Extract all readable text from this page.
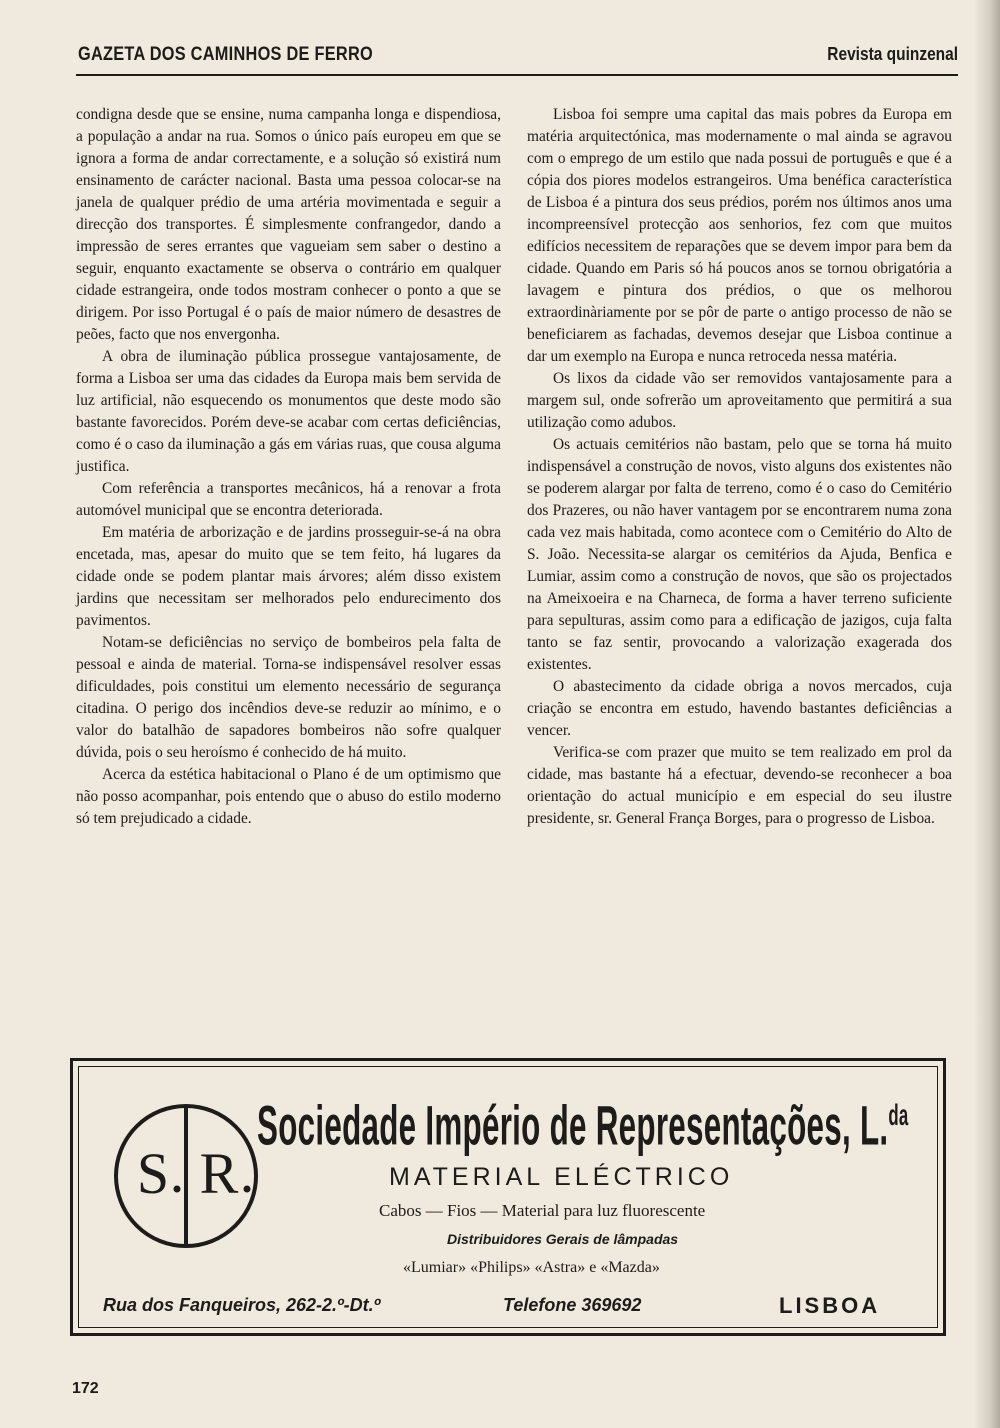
GAZETA DOS CAMINHOS DE FERRO	Revista quinzenal

condigna desde que se ensine, numa campanha longa e dispendiosa, a população a andar na rua. Somos o único país europeu em que se ignora a forma de andar correctamente, e a solução só existirá num ensinamento de carácter nacional. Basta uma pessoa colocar-se na janela de qualquer prédio de uma artéria movimentada e seguir a direcção dos transportes. É simplesmente confrangedor, dando a impressão de seres errantes que vagueiam sem saber o destino a seguir, enquanto exactamente se observa o contrário em qualquer cidade estrangeira, onde todos mostram conhecer o ponto a que se dirigem. Por isso Portugal é o país de maior número de desastres de peões, facto que nos envergonha.

A obra de iluminação pública prossegue vantajosamente, de forma a Lisboa ser uma das cidades da Europa mais bem servida de luz artificial, não esquecendo os monumentos que deste modo são bastante favorecidos. Porém deve-se acabar com certas deficiências, como é o caso da iluminação a gás em várias ruas, que cousa alguma justifica.

Com referência a transportes mecânicos, há a renovar a frota automóvel municipal que se encontra deteriorada.

Em matéria de arborização e de jardins prosseguir-se-á na obra encetada, mas, apesar do muito que se tem feito, há lugares da cidade onde se podem plantar mais árvores; além disso existem jardins que necessitam ser melhorados pelo endurecimento dos pavimentos.

Notam-se deficiências no serviço de bombeiros pela falta de pessoal e ainda de material. Torna-se indispensável resolver essas dificuldades, pois constitui um elemento necessário de segurança citadina. O perigo dos incêndios deve-se reduzir ao mínimo, e o valor do batalhão de sapadores bombeiros não sofre qualquer dúvida, pois o seu heroísmo é conhecido de há muito.

Acerca da estética habitacional o Plano é de um optimismo que não posso acompanhar, pois entendo que o abuso do estilo moderno só tem prejudicado a cidade.

Lisboa foi sempre uma capital das mais pobres da Europa em matéria arquitectónica, mas modernamente o mal ainda se agravou com o emprego de um estilo que nada possui de português e que é a cópia dos piores modelos estrangeiros. Uma benéfica característica de Lisboa é a pintura dos seus prédios, porém nos últimos anos uma incompreensível protecção aos senhorios, fez com que muitos edifícios necessitem de reparações que se devem impor para bem da cidade. Quando em Paris só há poucos anos se tornou obrigatória a lavagem e pintura dos prédios, o que os melhorou extraordinàriamente por se pôr de parte o antigo processo de não se beneficiarem as fachadas, devemos desejar que Lisboa continue a dar um exemplo na Europa e nunca retroceda nessa matéria.

Os lixos da cidade vão ser removidos vantajosamente para a margem sul, onde sofrerão um aproveitamento que permitirá a sua utilização como adubos.

Os actuais cemitérios não bastam, pelo que se torna há muito indispensável a construção de novos, visto alguns dos existentes não se poderem alargar por falta de terreno, como é o caso do Cemitério dos Prazeres, ou não haver vantagem por se encontrarem numa zona cada vez mais habitada, como acontece com o Cemitério do Alto de S. João. Necessita-se alargar os cemitérios da Ajuda, Benfica e Lumiar, assim como a construção de novos, que são os projectados na Ameixoeira e na Charneca, de forma a haver terreno suficiente para sepulturas, assim como para a edificação de jazigos, cuja falta tanto se faz sentir, provocando a valorização exagerada dos existentes.

O abastecimento da cidade obriga a novos mercados, cuja criação se encontra em estudo, havendo bastantes deficiências a vencer.

Verifica-se com prazer que muito se tem realizado em prol da cidade, mas bastante há a efectuar, devendo-se reconhecer a boa orientação do actual município e em especial do seu ilustre presidente, sr. General França Borges, para o progresso de Lisboa.

S R
Sociedade Império de Representações, L.$^{da}$
MATERIAL ELÉCTRICO
Cabos — Fios — Material para luz fluorescente
Distribuidores Gerais de lâmpadas
«Lumiar» «Philips» «Astra» e «Mazda»
Rua dos Fanqueiros, 262-2.º-Dt.º	Telefone 369692	LISBOA
172
